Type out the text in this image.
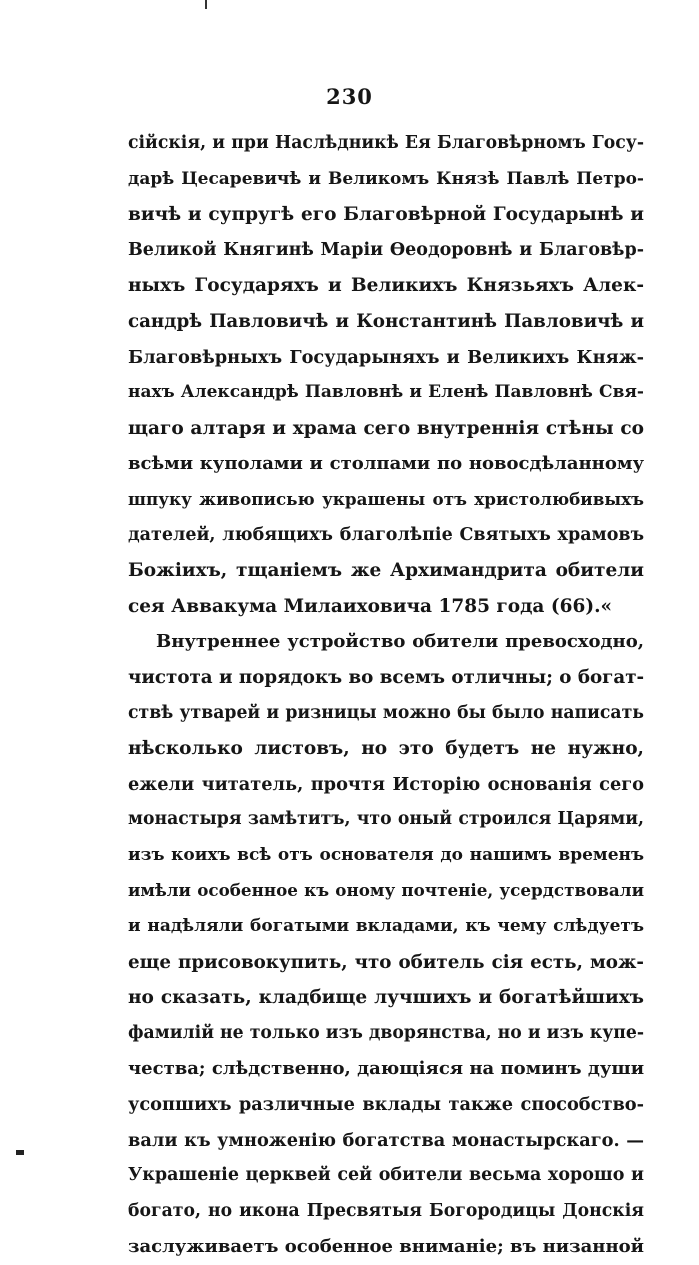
230
сійскія, и при Наслѣдникѣ Ея Благовѣрномъ Госу-
дарѣ Цесаревичѣ и Великомъ Князѣ Павлѣ Петро-
вичѣ и супругѣ его Благовѣрной Государынѣ и
Великой Княгинѣ Маріи Ѳеодоровнѣ и Благовѣр-
ныхъ Государяхъ и Великихъ Князьяхъ Алек-
сандрѣ Павловичѣ и Константинѣ Павловичѣ и
Благовѣрныхъ Государыняхъ и Великихъ Княж-
нахъ Александрѣ Павловнѣ и Еленѣ Павловнѣ Свя-
щаго алтаря и храма сего внутреннія стѣны со
всѣми куполами и столпами по новосдѣланному
шпуку живописью украшены отъ христолюбивыхъ
дателей, любящихъ благолѣпіе Святыхъ храмовъ
Божіихъ, тщаніемъ же Архимандрита обители
сея Аввакума Милаиховича 1785 года (66).«
Внутреннее устройство обители превосходно,
чистота и порядокъ во всемъ отличны; о богат-
ствѣ утварей и ризницы можно бы было написать
нѣсколько листовъ, но это будетъ не нужно,
ежели читатель, прочтя Исторію основанія сего
монастыря замѣтитъ, что оный строился Царями,
изъ коихъ всѣ отъ основателя до нашимъ временъ
имѣли особенное къ оному почтеніе, усердствовали
и надѣляли богатыми вкладами, къ чему слѣдуетъ
еще присовокупить, что обитель сія есть, мож-
но сказать, кладбище лучшихъ и богатѣйшихъ
фамилій не только изъ дворянства, но и изъ купе-
чества; слѣдственно, дающіяся на поминъ души
усопшихъ различные вклады также способство-
вали къ умноженію богатства монастырскаго. —
Украшеніе церквей сей обители весьма хорошо и
богато, но икона Пресвятыя Богородицы Донскія
заслуживаетъ особенное вниманіе; въ низанной
